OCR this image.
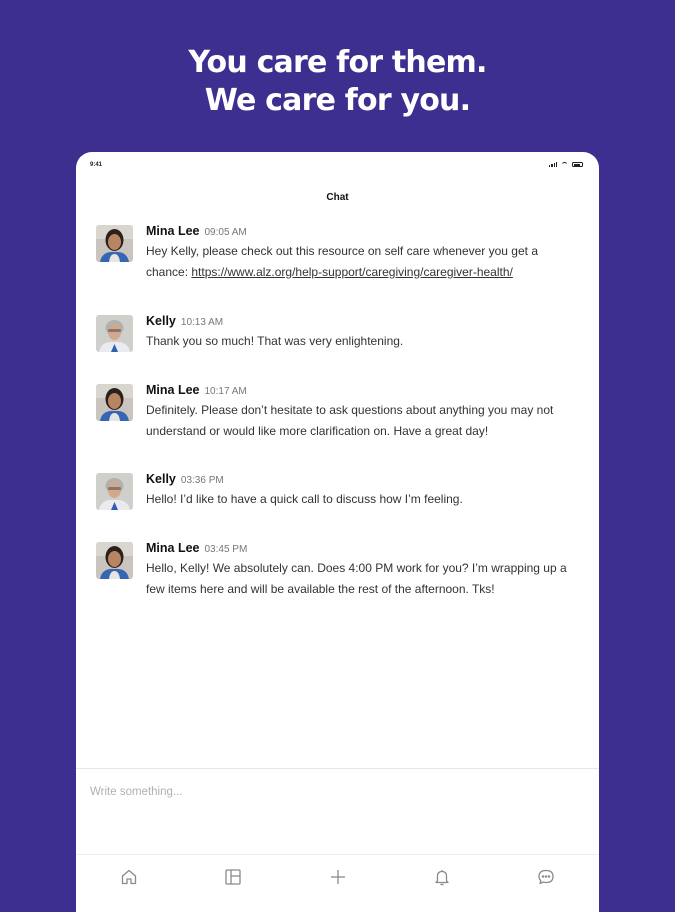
You care for them.
We care for you.
9:41
Chat
Mina Lee 09:05 AM
Hey Kelly, please check out this resource on self care whenever you get a chance: https://www.alz.org/help-support/caregiving/caregiver-health/
Kelly 10:13 AM
Thank you so much! That was very enlightening.
Mina Lee 10:17 AM
Definitely. Please don’t hesitate to ask questions about anything you may not understand or would like more clarification on. Have a great day!
Kelly 03:36 PM
Hello! I’d like to have a quick call to discuss how I’m feeling.
Mina Lee 03:45 PM
Hello, Kelly! We absolutely can. Does 4:00 PM work for you? I’m wrapping up a few items here and will be available the rest of the afternoon. Tks!
Write something...
